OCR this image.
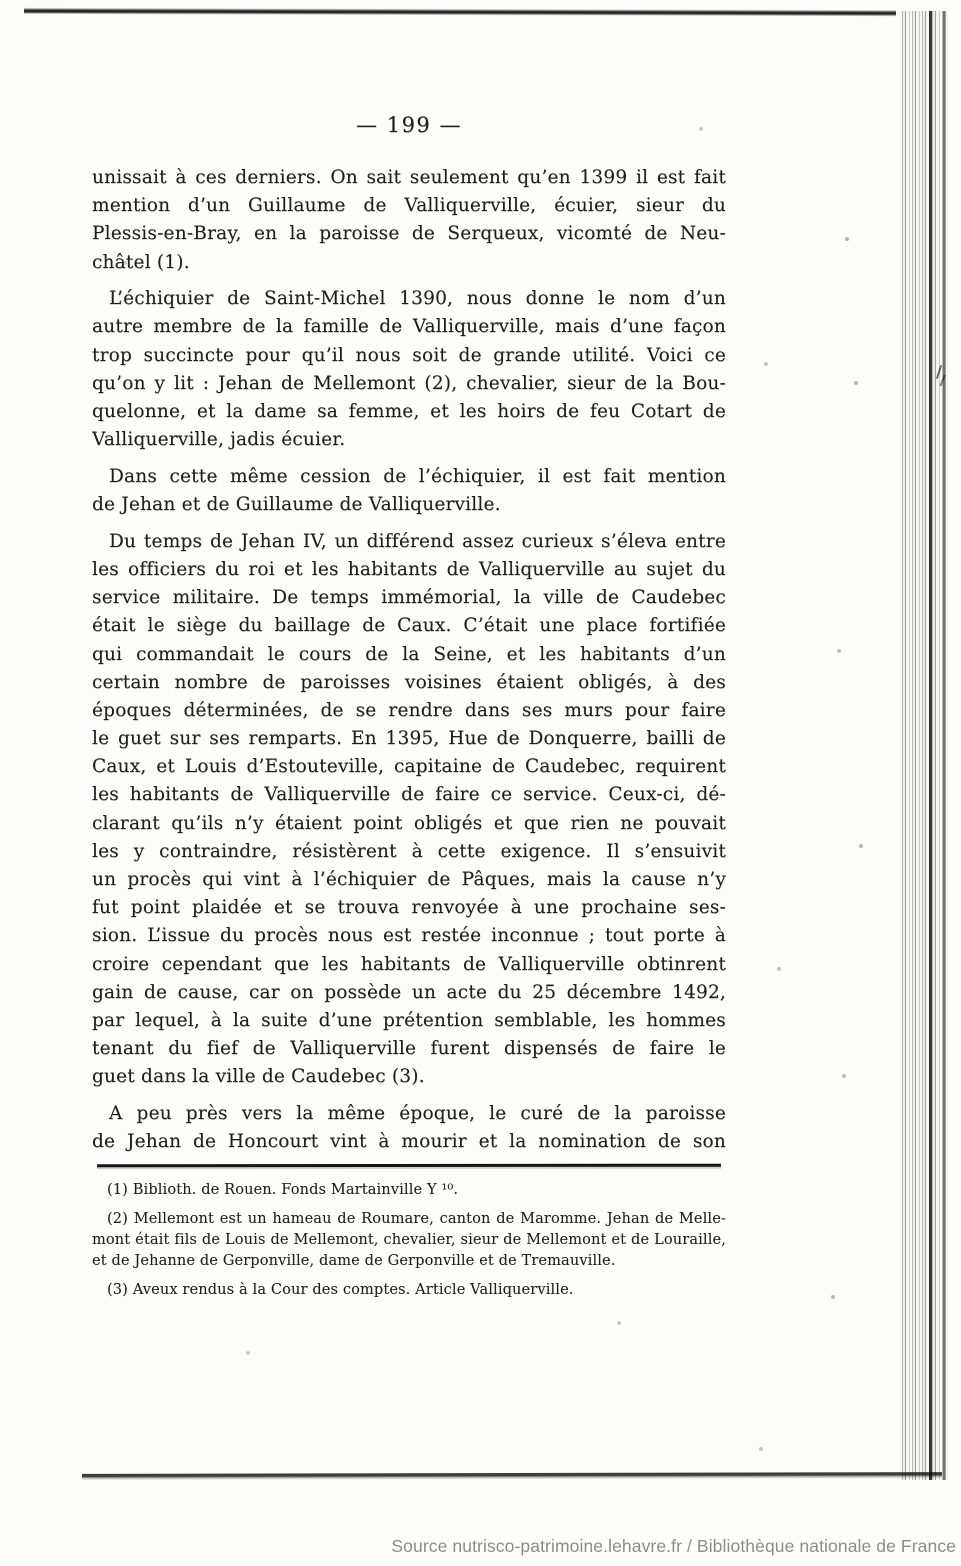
— 199 —
unissait à ces derniers. On sait seulement qu’en 1399 il est fait
mention d’un Guillaume de Valliquerville, écuier, sieur du
Plessis-en-Bray, en la paroisse de Serqueux, vicomté de Neu-
châtel (1).
L’échiquier de Saint-Michel 1390, nous donne le nom d’un
autre membre de la famille de Valliquerville, mais d’une façon
trop succincte pour qu’il nous soit de grande utilité. Voici ce
qu’on y lit : Jehan de Mellemont (2), chevalier, sieur de la Bou-
quelonne, et la dame sa femme, et les hoirs de feu Cotart de
Valliquerville, jadis écuier.
Dans cette même cession de l’échiquier, il est fait mention
de Jehan et de Guillaume de Valliquerville.
Du temps de Jehan IV, un différend assez curieux s’éleva entre
les officiers du roi et les habitants de Valliquerville au sujet du
service militaire. De temps immémorial, la ville de Caudebec
était le siège du baillage de Caux. C’était une place fortifiée
qui commandait le cours de la Seine, et les habitants d’un
certain nombre de paroisses voisines étaient obligés, à des
époques déterminées, de se rendre dans ses murs pour faire
le guet sur ses remparts. En 1395, Hue de Donquerre, bailli de
Caux, et Louis d’Estouteville, capitaine de Caudebec, requirent
les habitants de Valliquerville de faire ce service. Ceux-ci, dé-
clarant qu’ils n’y étaient point obligés et que rien ne pouvait
les y contraindre, résistèrent à cette exigence. Il s’ensuivit
un procès qui vint à l’échiquier de Pâques, mais la cause n’y
fut point plaidée et se trouva renvoyée à une prochaine ses-
sion. L’issue du procès nous est restée inconnue ; tout porte à
croire cependant que les habitants de Valliquerville obtinrent
gain de cause, car on possède un acte du 25 décembre 1492,
par lequel, à la suite d’une prétention semblable, les hommes
tenant du fief de Valliquerville furent dispensés de faire le
guet dans la ville de Caudebec (3).
A peu près vers la même époque, le curé de la paroisse
de Jehan de Honcourt vint à mourir et la nomination de son
(1) Biblioth. de Rouen. Fonds Martainville Y ¹⁰.
(2) Mellemont est un hameau de Roumare, canton de Maromme. Jehan de Melle-
mont était fils de Louis de Mellemont, chevalier, sieur de Mellemont et de Louraille,
et de Jehanne de Gerponville, dame de Gerponville et de Tremauville.
(3) Aveux rendus à la Cour des comptes. Article Valliquerville.
Source nutrisco-patrimoine.lehavre.fr / Bibliothèque nationale de France
